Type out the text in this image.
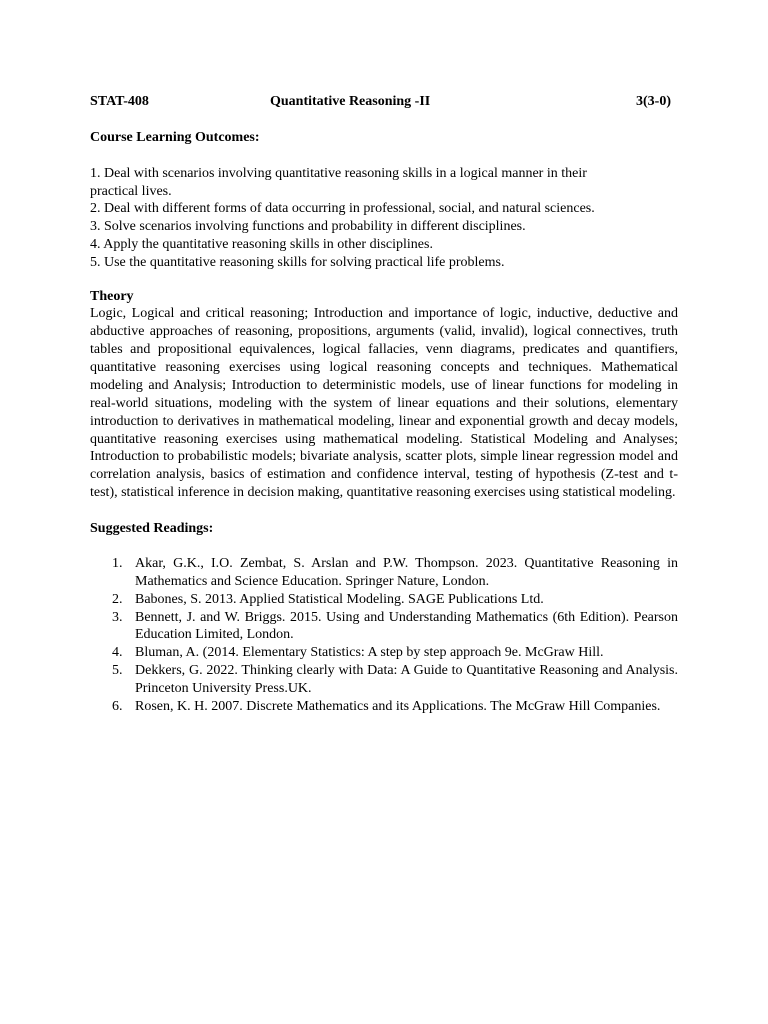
STAT-408	Quantitative Reasoning -II	3(3-0)
Course Learning Outcomes:

1. Deal with scenarios involving quantitative reasoning skills in a logical manner in their practical lives.

2. Deal with different forms of data occurring in professional, social, and natural sciences.

3. Solve scenarios involving functions and probability in different disciplines.

4. Apply the quantitative reasoning skills in other disciplines.

5. Use the quantitative reasoning skills for solving practical life problems.

Theory

Logic, Logical and critical reasoning; Introduction and importance of logic, inductive, deductive and abductive approaches of reasoning, propositions, arguments (valid, invalid), logical connectives, truth tables and propositional equivalences, logical fallacies, venn diagrams, predicates and quantifiers, quantitative reasoning exercises using logical reasoning concepts and techniques. Mathematical modeling and Analysis; Introduction to deterministic models, use of linear functions for modeling in real-world situations, modeling with the system of linear equations and their solutions, elementary introduction to derivatives in mathematical modeling, linear and exponential growth and decay models, quantitative reasoning exercises using mathematical modeling. Statistical Modeling and Analyses; Introduction to probabilistic models; bivariate analysis, scatter plots, simple linear regression model and correlation analysis, basics of estimation and confidence interval, testing of hypothesis (Z-test and t-test), statistical inference in decision making, quantitative reasoning exercises using statistical modeling.

Suggested Readings:
1. Akar, G.K., I.O. Zembat, S. Arslan and P.W. Thompson. 2023. Quantitative Reasoning in Mathematics and Science Education. Springer Nature, London.
2. Babones, S. 2013. Applied Statistical Modeling. SAGE Publications Ltd.
3. Bennett, J. and W. Briggs. 2015. Using and Understanding Mathematics (6th Edition). Pearson Education Limited, London.
4. Bluman, A. (2014. Elementary Statistics: A step by step approach 9e. McGraw Hill.
5. Dekkers, G. 2022. Thinking clearly with Data: A Guide to Quantitative Reasoning and Analysis. Princeton University Press.UK.
6. Rosen, K. H. 2007. Discrete Mathematics and its Applications. The McGraw Hill Companies.
